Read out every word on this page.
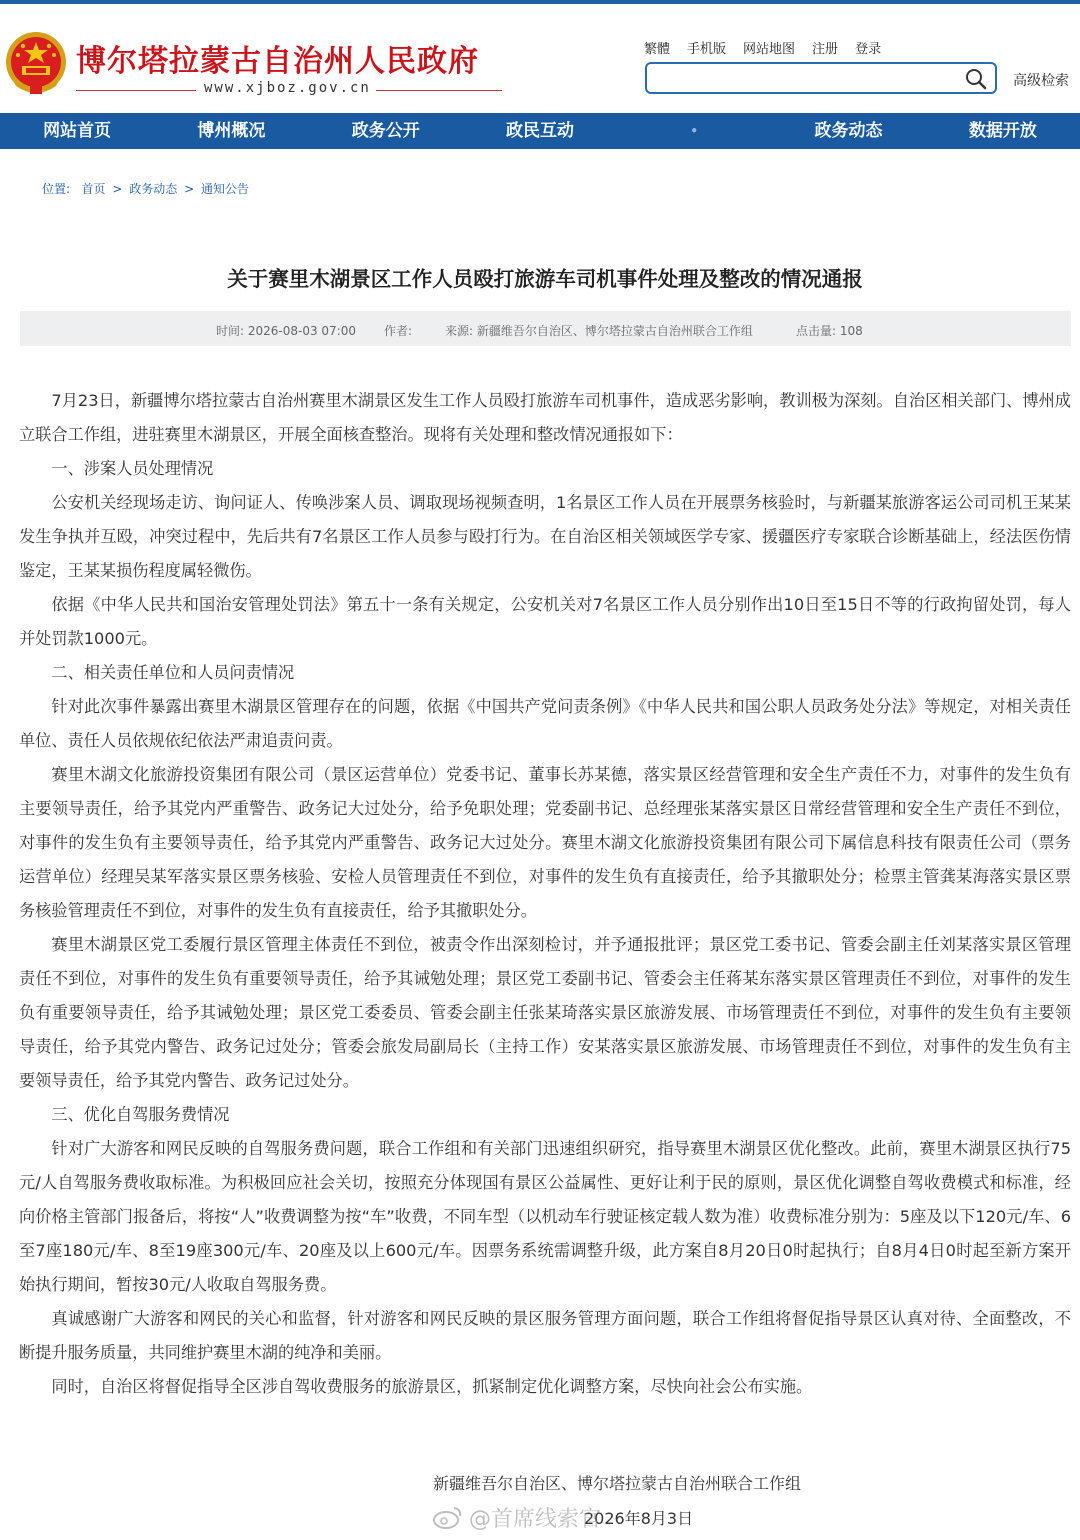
博尔塔拉蒙古自治州人民政府
www.xjboz.gov.cn
繁體 手机版 网站地图 注册 登录
高级检索
网站首页	博州概况	政务公开	政民互动	•	政务动态	数据开放
位置: 首页 > 政务动态 > 通知公告
关于赛里木湖景区工作人员殴打旅游车司机事件处理及整改的情况通报
时间: 2026-08-03 07:00 作者:	来源: 新疆维吾尔自治区、博尔塔拉蒙古自治州联合工作组	点击量: 108

7月23日，新疆博尔塔拉蒙古自治州赛里木湖景区发生工作人员殴打旅游车司机事件，造成恶劣影响，教训极为深刻。自治区相关部门、博州成立联合工作组，进驻赛里木湖景区，开展全面核查整治。现将有关处理和整改情况通报如下：

一、涉案人员处理情况

公安机关经现场走访、询问证人、传唤涉案人员、调取现场视频查明，1名景区工作人员在开展票务核验时，与新疆某旅游客运公司司机王某某发生争执并互殴，冲突过程中，先后共有7名景区工作人员参与殴打行为。在自治区相关领域医学专家、援疆医疗专家联合诊断基础上，经法医伤情鉴定，王某某损伤程度属轻微伤。

依据《中华人民共和国治安管理处罚法》第五十一条有关规定，公安机关对7名景区工作人员分别作出10日至15日不等的行政拘留处罚，每人并处罚款1000元。

二、相关责任单位和人员问责情况

针对此次事件暴露出赛里木湖景区管理存在的问题，依据《中国共产党问责条例》《中华人民共和国公职人员政务处分法》等规定，对相关责任单位、责任人员依规依纪依法严肃追责问责。

赛里木湖文化旅游投资集团有限公司（景区运营单位）党委书记、董事长苏某德，落实景区经营管理和安全生产责任不力，对事件的发生负有主要领导责任，给予其党内严重警告、政务记大过处分，给予免职处理；党委副书记、总经理张某落实景区日常经营管理和安全生产责任不到位，对事件的发生负有主要领导责任，给予其党内严重警告、政务记大过处分。赛里木湖文化旅游投资集团有限公司下属信息科技有限责任公司（票务运营单位）经理吴某军落实景区票务核验、安检人员管理责任不到位，对事件的发生负有直接责任，给予其撤职处分；检票主管龚某海落实景区票务核验管理责任不到位，对事件的发生负有直接责任，给予其撤职处分。

赛里木湖景区党工委履行景区管理主体责任不到位，被责令作出深刻检讨，并予通报批评；景区党工委书记、管委会副主任刘某落实景区管理责任不到位，对事件的发生负有重要领导责任，给予其诫勉处理；景区党工委副书记、管委会主任蒋某东落实景区管理责任不到位，对事件的发生负有重要领导责任，给予其诫勉处理；景区党工委委员、管委会副主任张某琦落实景区旅游发展、市场管理责任不到位，对事件的发生负有主要领导责任，给予其党内警告、政务记过处分；管委会旅发局副局长（主持工作）安某落实景区旅游发展、市场管理责任不到位，对事件的发生负有主要领导责任，给予其党内警告、政务记过处分。

三、优化自驾服务费情况

针对广大游客和网民反映的自驾服务费问题，联合工作组和有关部门迅速组织研究，指导赛里木湖景区优化整改。此前，赛里木湖景区执行75元/人自驾服务费收取标准。为积极回应社会关切，按照充分体现国有景区公益属性、更好让利于民的原则，景区优化调整自驾收费模式和标准，经向价格主管部门报备后，将按“人”收费调整为按“车”收费，不同车型（以机动车行驶证核定载人数为准）收费标准分别为：5座及以下120元/车、6至7座180元/车、8至19座300元/车、20座及以上600元/车。因票务系统需调整升级，此方案自8月20日0时起执行；自8月4日0时起至新方案开始执行期间，暂按30元/人收取自驾服务费。

真诚感谢广大游客和网民的关心和监督，针对游客和网民反映的景区服务管理方面问题，联合工作组将督促指导景区认真对待、全面整改，不断提升服务质量，共同维护赛里木湖的纯净和美丽。

同时，自治区将督促指导全区涉自驾收费服务的旅游景区，抓紧制定优化调整方案，尽快向社会公布实施。

新疆维吾尔自治区、博尔塔拉蒙古自治州联合工作组
2026年8月3日
@首席线索官
